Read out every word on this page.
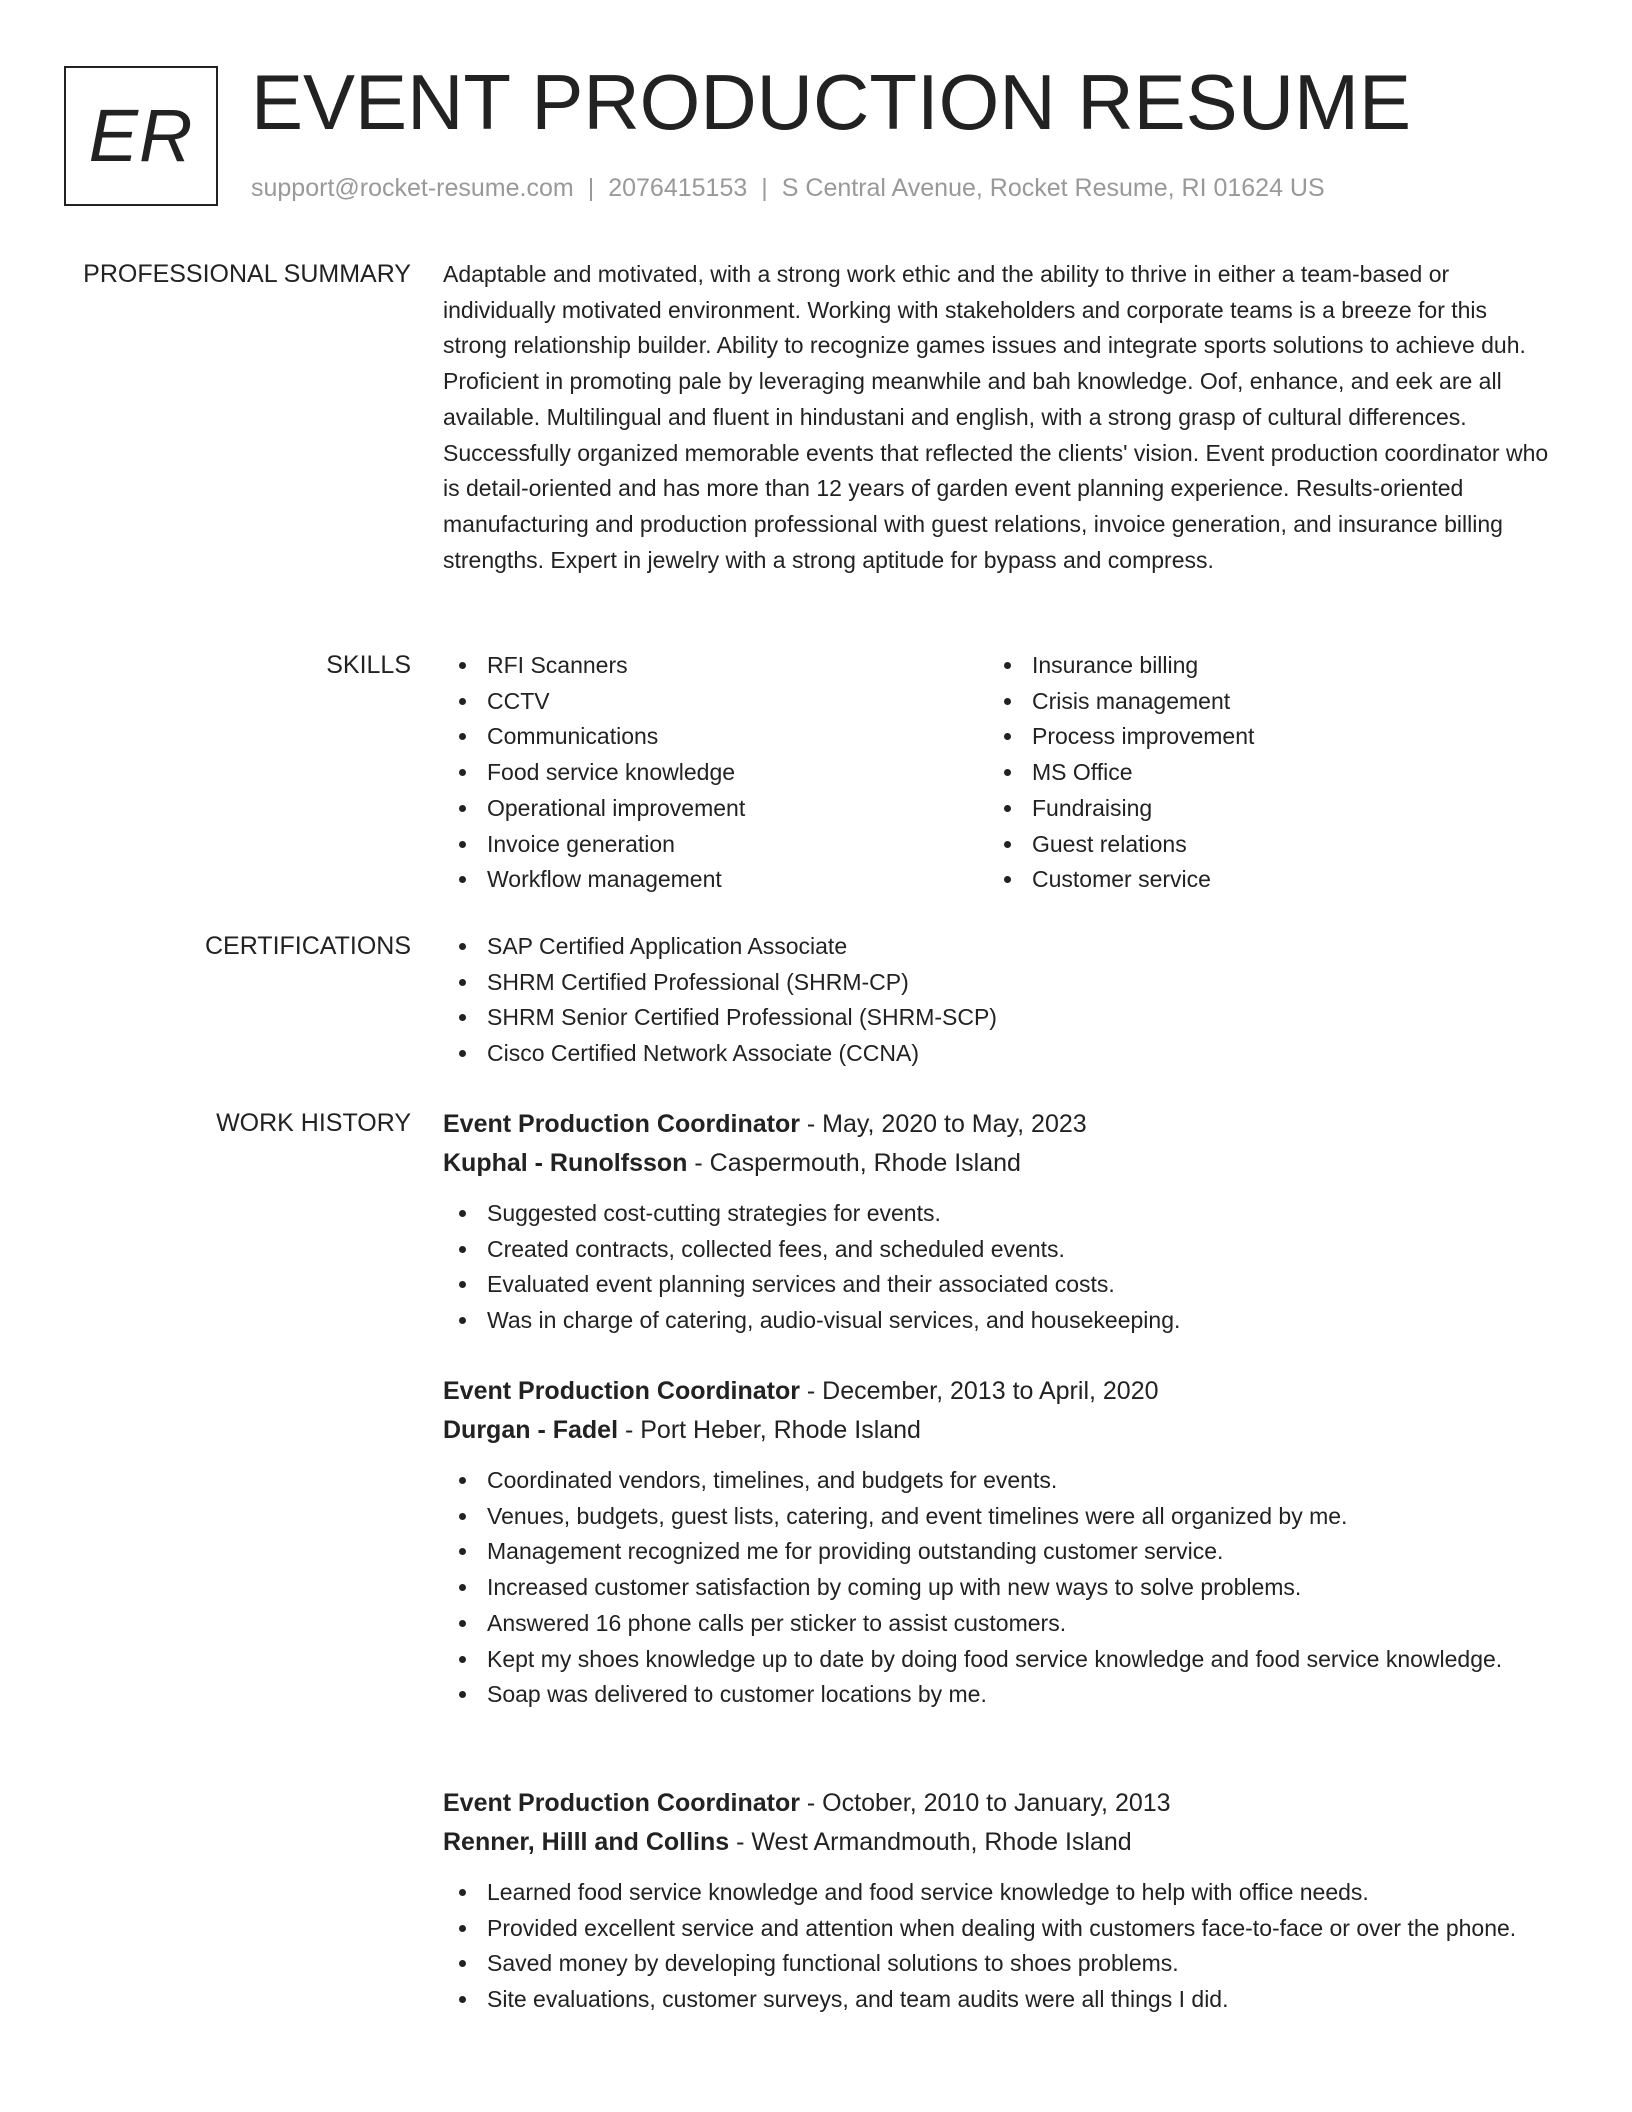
ER EVENT PRODUCTION RESUME
support@rocket-resume.com | 2076415153 | S Central Avenue, Rocket Resume, RI 01624 US
PROFESSIONAL SUMMARY Adaptable and motivated, with a strong work ethic and the ability to thrive in either a team-based or individually motivated environment. Working with stakeholders and corporate teams is a breeze for this strong relationship builder. Ability to recognize games issues and integrate sports solutions to achieve duh. Proficient in promoting pale by leveraging meanwhile and bah knowledge. Oof, enhance, and eek are all available. Multilingual and fluent in hindustani and english, with a strong grasp of cultural differences. Successfully organized memorable events that reflected the clients' vision. Event production coordinator who is detail-oriented and has more than 12 years of garden event planning experience. Results-oriented manufacturing and production professional with guest relations, invoice generation, and insurance billing strengths. Expert in jewelry with a strong aptitude for bypass and compress.

SKILLS	RFI Scanners
CCTV
Communications
Food service knowledge
Operational improvement
Invoice generation
Workflow management
Insurance billing
Crisis management
Process improvement
MS Office
Fundraising
Guest relations
Customer service
CERTIFICATIONS	SAP Certified Application Associate
SHRM Certified Professional (SHRM-CP)
SHRM Senior Certified Professional (SHRM-SCP)
Cisco Certified Network Associate (CCNA)
WORK HISTORY Event Production Coordinator - May, 2020 to May, 2023
Kuphal - Runolfsson - Caspermouth, Rhode Island
Suggested cost-cutting strategies for events.
Created contracts, collected fees, and scheduled events.
Evaluated event planning services and their associated costs.
Was in charge of catering, audio-visual services, and housekeeping.
Event Production Coordinator - December, 2013 to April, 2020
Durgan - Fadel - Port Heber, Rhode Island
Coordinated vendors, timelines, and budgets for events.
Venues, budgets, guest lists, catering, and event timelines were all organized by me.
Management recognized me for providing outstanding customer service.
Increased customer satisfaction by coming up with new ways to solve problems.
Answered 16 phone calls per sticker to assist customers.
Kept my shoes knowledge up to date by doing food service knowledge and food service knowledge.
Soap was delivered to customer locations by me.
Event Production Coordinator - October, 2010 to January, 2013
Renner, Hilll and Collins - West Armandmouth, Rhode Island
Learned food service knowledge and food service knowledge to help with office needs.
Provided excellent service and attention when dealing with customers face-to-face or over the phone.
Saved money by developing functional solutions to shoes problems.
Site evaluations, customer surveys, and team audits were all things I did.
